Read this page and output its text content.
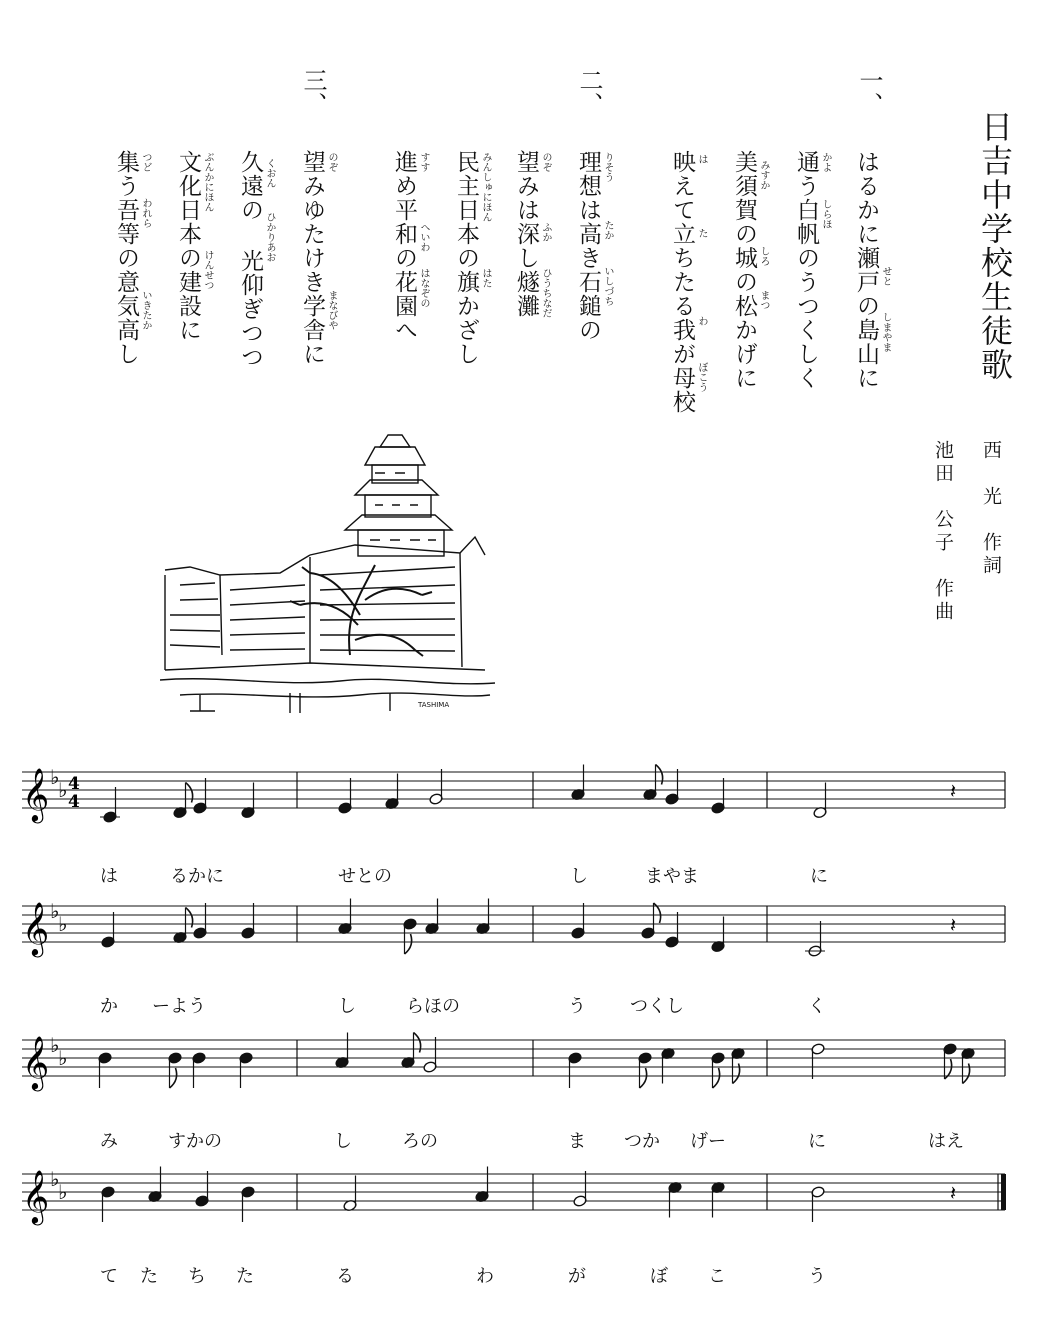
日吉中学校生徒歌
西　光　作詞
池田　公子　作曲
一、
二、
三、
はるかに瀬戸の島山に
通う白帆のうつくしく
美須賀の城の松かげに
映えて立ちたる我が母校
理想は高き石鎚の
望みは深し燧灘
民主日本の旗かざし
進め平和の花園へ
望みゆたけき学舎に
久遠の 光仰ぎつつ
文化日本の建設に
集う吾等の意気高し	せと
しまやま
かよ
しらほ
みすか
しろ
まつ
は
た
わ
ぼこう
りそう
たか
いしづち
のぞ
ふか
ひうちなだ
みんしゅにほん
はた
すす
へいわ
はなぞの
のぞ
まなびや
くおん
ひかりあお
ぶんかにほん
けんせつ
つど
われら
いきたか
TASHIMA
𝄞 ♭
♭ 4
4	𝄽
𝄞 ♭
♭	𝄽
𝄞 ♭
♭
𝄞 ♭
♭	𝄽
は	るかに	せとの	し	まやま	に
か ーよう	し	らほの	う つくし	く
み	すかの	し	ろの	ま つか げー	に	はえ
て た ち た	る	わ	が	ぼ こ	う
